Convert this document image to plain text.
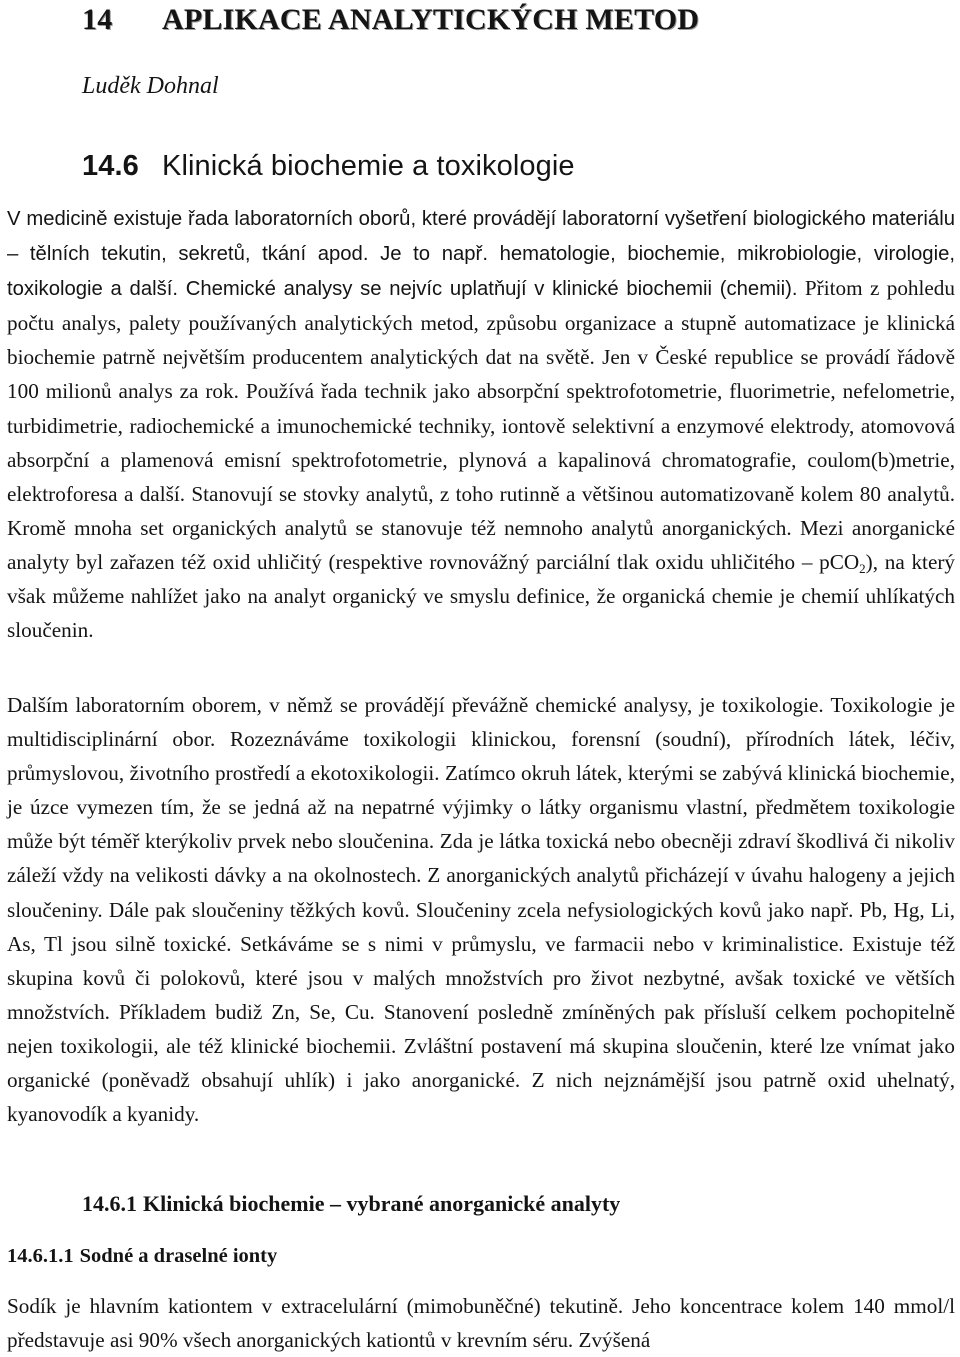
14 APLIKACE ANALYTICKÝCH METOD
Luděk Dohnal
14.6 Klinická biochemie a toxikologie

V medicině existuje řada laboratorních oborů, které provádějí laboratorní vyšetření biologického materiálu – tělních tekutin, sekretů, tkání apod. Je to např. hematologie, biochemie, mikrobiologie, virologie, toxikologie a další. Chemické analysy se nejvíc uplatňují v klinické biochemii (chemii). Přitom z pohledu počtu analys, palety používaných analytických metod, způsobu organizace a stupně automatizace je klinická biochemie patrně největším producentem analytických dat na světě. Jen v České republice se provádí řádově 100 milionů analys za rok. Používá řada technik jako absorpční spektrofotometrie, fluorimetrie, nefelometrie, turbidimetrie, radiochemické a imunochemické techniky, iontově selektivní a enzymové elektrody, atomovová absorpční a plamenová emisní spektrofotometrie, plynová a kapalinová chromatografie, coulom(b)metrie, elektroforesa a další. Stanovují se stovky analytů, z toho rutinně a většinou automatizovaně kolem 80 analytů. Kromě mnoha set organických analytů se stanovuje též nemnoho analytů anorganických. Mezi anorganické analyty byl zařazen též oxid uhličitý (respektive rovnovážný parciální tlak oxidu uhličitého – pCO$_2$), na který však můžeme nahlížet jako na analyt organický ve smyslu definice, že organická chemie je chemií uhlíkatých sloučenin.

Dalším laboratorním oborem, v němž se provádějí převážně chemické analysy, je toxikologie. Toxikologie je multidisciplinární obor. Rozeznáváme toxikologii klinickou, forensní (soudní), přírodních látek, léčiv, průmyslovou, životního prostředí a ekotoxikologii. Zatímco okruh látek, kterými se zabývá klinická biochemie, je úzce vymezen tím, že se jedná až na nepatrné výjimky o látky organismu vlastní, předmětem toxikologie může být téměř kterýkoliv prvek nebo sloučenina. Zda je látka toxická nebo obecněji zdraví škodlivá či nikoliv záleží vždy na velikosti dávky a na okolnostech. Z anorganických analytů přicházejí v úvahu halogeny a jejich sloučeniny. Dále pak sloučeniny těžkých kovů. Sloučeniny zcela nefysiologických kovů jako např. Pb, Hg, Li, As, Tl jsou silně toxické. Setkáváme se s nimi v průmyslu, ve farmacii nebo v kriminalistice. Existuje též skupina kovů či polokovů, které jsou v malých množstvích pro život nezbytné, avšak toxické ve větších množstvích. Příkladem budiž Zn, Se, Cu. Stanovení posledně zmíněných pak přísluší celkem pochopitelně nejen toxikologii, ale též klinické biochemii. Zvláštní postavení má skupina sloučenin, které lze vnímat jako organické (poněvadž obsahují uhlík) i jako anorganické. Z nich nejznámější jsou patrně oxid uhelnatý, kyanovodík a kyanidy.

14.6.1 Klinická biochemie – vybrané anorganické analyty
14.6.1.1 Sodné a draselné ionty

Sodík je hlavním kationtem v extracelulární (mimobuněčné) tekutině. Jeho koncentrace kolem 140 mmol/l představuje asi 90% všech anorganických kationtů v krevním séru. Zvýšená
